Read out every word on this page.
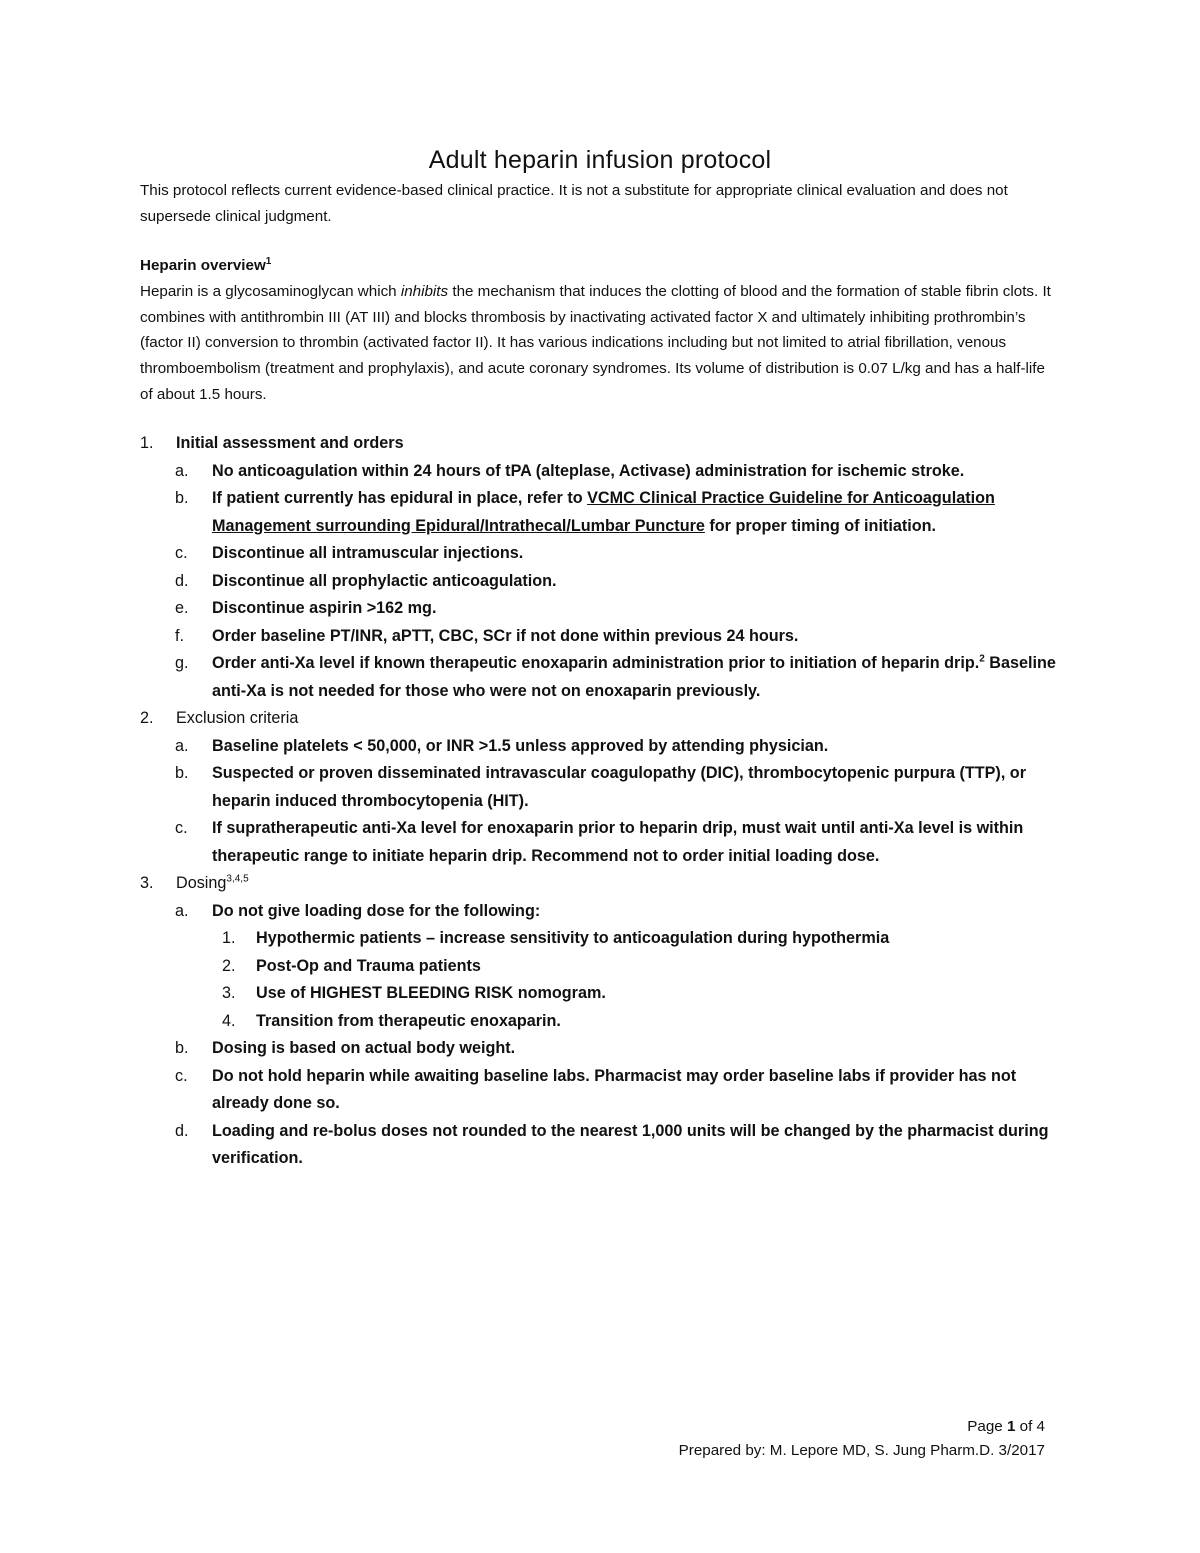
Adult heparin infusion protocol
This protocol reflects current evidence-based clinical practice. It is not a substitute for appropriate clinical evaluation and does not supersede clinical judgment.
Heparin overview$^1$
Heparin is a glycosaminoglycan which inhibits the mechanism that induces the clotting of blood and the formation of stable fibrin clots. It combines with antithrombin III (AT III) and blocks thrombosis by inactivating activated factor X and ultimately inhibiting prothrombin’s (factor II) conversion to thrombin (activated factor II). It has various indications including but not limited to atrial fibrillation, venous thromboembolism (treatment and prophylaxis), and acute coronary syndromes. Its volume of distribution is 0.07 L/kg and has a half-life of about 1.5 hours.
1. Initial assessment and orders
a. No anticoagulation within 24 hours of tPA (alteplase, Activase) administration for ischemic stroke.
b. If patient currently has epidural in place, refer to VCMC Clinical Practice Guideline for Anticoagulation Management surrounding Epidural/Intrathecal/Lumbar Puncture for proper timing of initiation.
c. Discontinue all intramuscular injections.
d. Discontinue all prophylactic anticoagulation.
e. Discontinue aspirin >162 mg.
f. Order baseline PT/INR, aPTT, CBC, SCr if not done within previous 24 hours.
g. Order anti-Xa level if known therapeutic enoxaparin administration prior to initiation of heparin drip.$^2$ Baseline anti-Xa is not needed for those who were not on enoxaparin previously.
2. Exclusion criteria
a. Baseline platelets < 50,000, or INR >1.5 unless approved by attending physician.
b. Suspected or proven disseminated intravascular coagulopathy (DIC), thrombocytopenic purpura (TTP), or heparin induced thrombocytopenia (HIT).
c. If supratherapeutic anti-Xa level for enoxaparin prior to heparin drip, must wait until anti-Xa level is within therapeutic range to initiate heparin drip. Recommend not to order initial loading dose.
3. Dosing$^{3,4,5}$
a. Do not give loading dose for the following:
1. Hypothermic patients – increase sensitivity to anticoagulation during hypothermia
2. Post-Op and Trauma patients
3. Use of HIGHEST BLEEDING RISK nomogram.
4. Transition from therapeutic enoxaparin.
b. Dosing is based on actual body weight.
c. Do not hold heparin while awaiting baseline labs. Pharmacist may order baseline labs if provider has not already done so.
d. Loading and re-bolus doses not rounded to the nearest 1,000 units will be changed by the pharmacist during verification.
Page 1 of 4
Prepared by: M. Lepore MD, S. Jung Pharm.D. 3/2017
